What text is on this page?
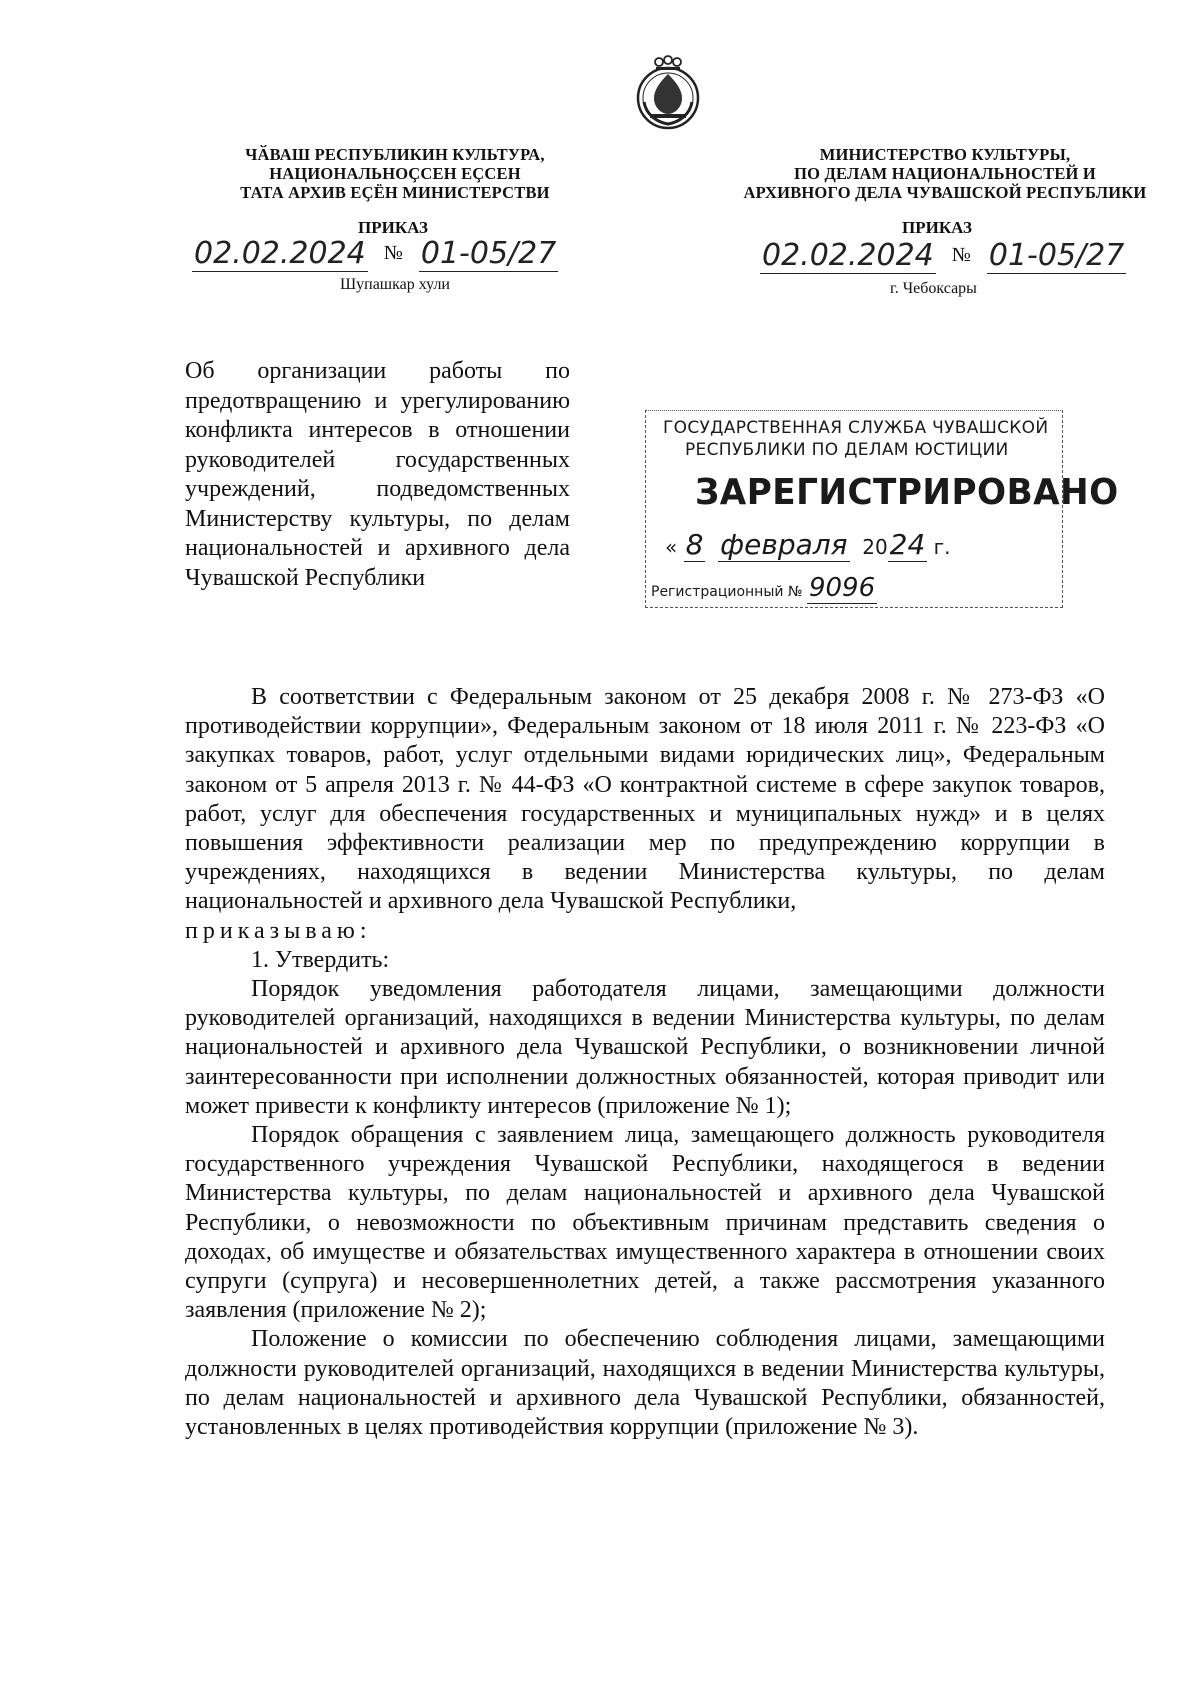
ЧӐВАШ РЕСПУБЛИКИН КУЛЬТУРА,
НАЦИОНАЛЬНОҪСЕН ЕҪСЕН
ТАТА АРХИВ ЕҪЁН МИНИСТЕРСТВИ
МИНИСТЕРСТВО КУЛЬТУРЫ,
ПО ДЕЛАМ НАЦИОНАЛЬНОСТЕЙ И
АРХИВНОГО ДЕЛА ЧУВАШСКОЙ РЕСПУБЛИКИ
ПРИКАЗ	ПРИКАЗ
02.02.2024 № 01-05/27	02.02.2024 № 01-05/27
Шупашкар хули	г. Чебоксары
Об организации работы по предотвращению и урегулированию конфликта интересов в отношении руководителей государственных учреждений, подведомственных Министерству культуры, по делам национальностей и архивного дела Чувашской Республики
ГОСУДАРСТВЕННАЯ СЛУЖБА ЧУВАШСКОЙ
РЕСПУБЛИКИ ПО ДЕЛАМ ЮСТИЦИИ
ЗАРЕГИСТРИРОВАНО
« 8 февраля 2024 г.
Регистрационный № 9096

В соответствии с Федеральным законом от 25 декабря 2008 г. № 273-ФЗ «О противодействии коррупции», Федеральным законом от 18 июля 2011 г. № 223-ФЗ «О закупках товаров, работ, услуг отдельными видами юридических лиц», Федеральным законом от 5 апреля 2013 г. № 44-ФЗ «О контрактной системе в сфере закупок товаров, работ, услуг для обеспечения государственных и муниципальных нужд» и в целях повышения эффективности реализации мер по предупреждению коррупции в учреждениях, находящихся в ведении Министерства культуры, по делам национальностей и архивного дела Чувашской Республики,

приказываю:

1. Утвердить:

Порядок уведомления работодателя лицами, замещающими должности руководителей организаций, находящихся в ведении Министерства культуры, по делам национальностей и архивного дела Чувашской Республики, о возникновении личной заинтересованности при исполнении должностных обязанностей, которая приводит или может привести к конфликту интересов (приложение № 1);

Порядок обращения с заявлением лица, замещающего должность руководителя государственного учреждения Чувашской Республики, находящегося в ведении Министерства культуры, по делам национальностей и архивного дела Чувашской Республики, о невозможности по объективным причинам представить сведения о доходах, об имуществе и обязательствах имущественного характера в отношении своих супруги (супруга) и несовершеннолетних детей, а также рассмотрения указанного заявления (приложение № 2);

Положение о комиссии по обеспечению соблюдения лицами, замещающими должности руководителей организаций, находящихся в ведении Министерства культуры, по делам национальностей и архивного дела Чувашской Республики, обязанностей, установленных в целях противодействия коррупции (приложение № 3).
